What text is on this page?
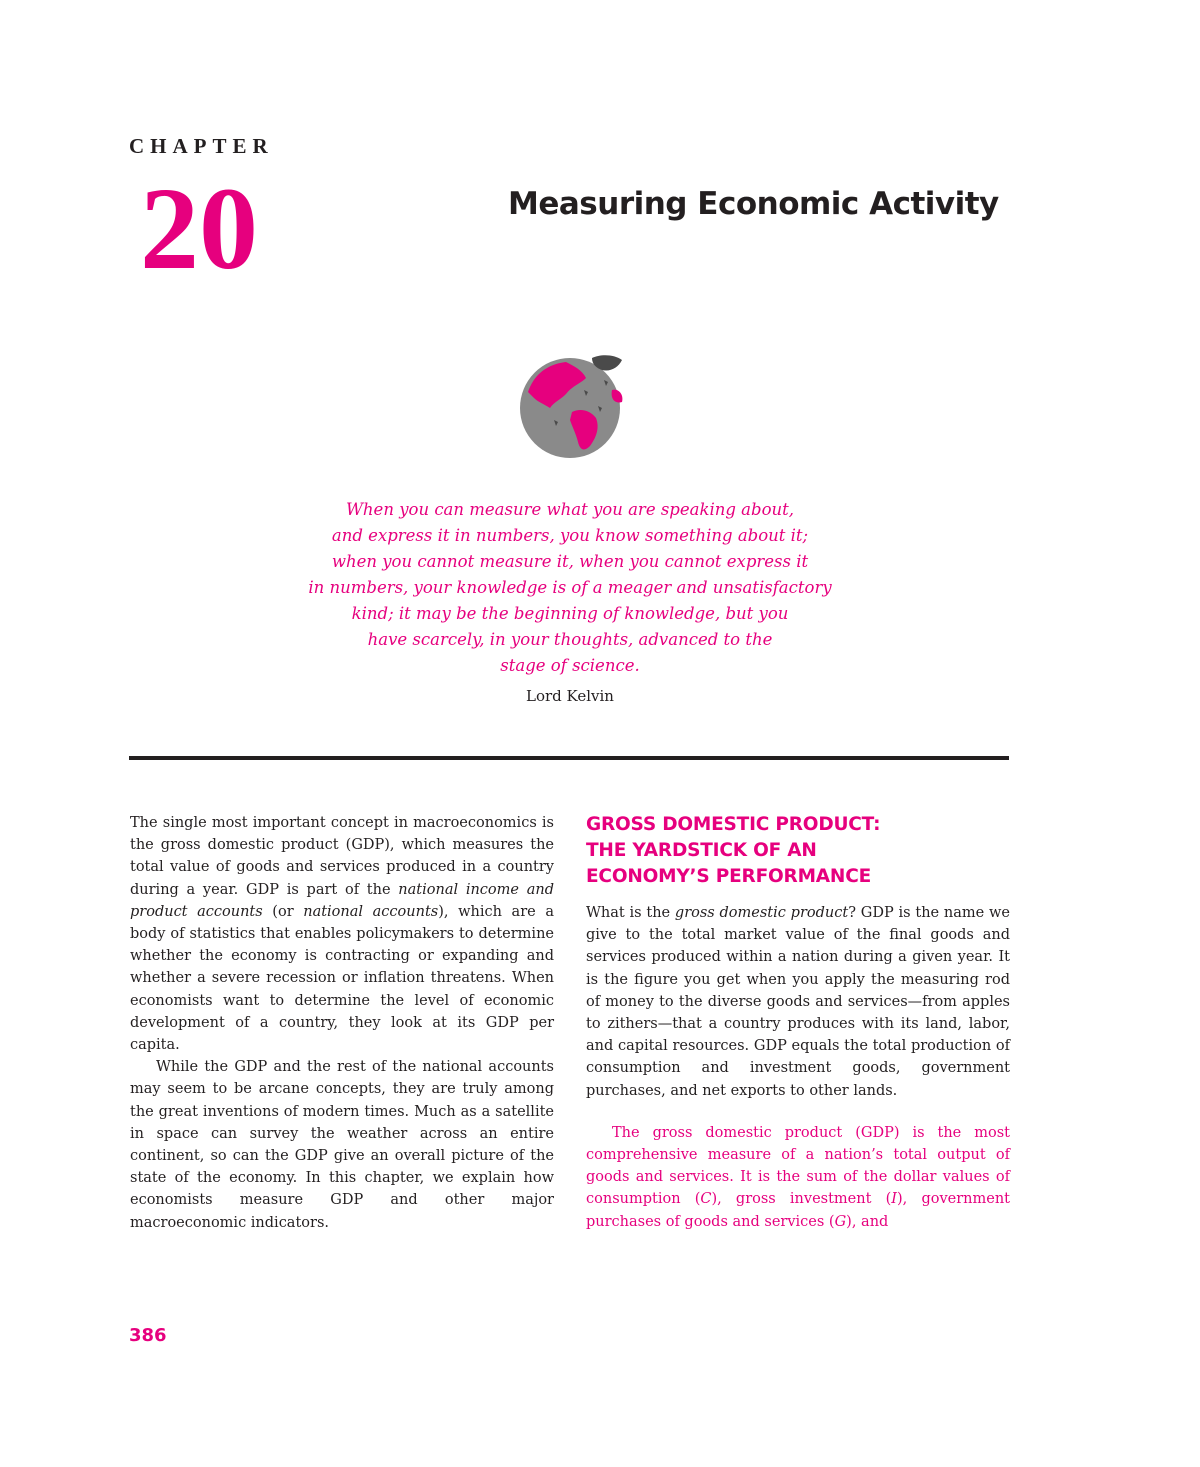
CHAPTER
20	Measuring Economic Activity
When you can measure what you are speaking about,
and express it in numbers, you know something about it;
when you cannot measure it, when you cannot express it
in numbers, your knowledge is of a meager and unsatisfactory
kind; it may be the beginning of knowledge, but you
have scarcely, in your thoughts, advanced to the
stage of science.
Lord Kelvin

The single most important concept in macroeconomics is the gross domestic product (GDP), which measures the total value of goods and services produced in a country during a year. GDP is part of the national income and product accounts (or national accounts), which are a body of statistics that enables policymakers to determine whether the economy is contracting or expanding and whether a severe recession or inflation threatens. When economists want to determine the level of economic development of a country, they look at its GDP per capita.

While the GDP and the rest of the national accounts may seem to be arcane concepts, they are truly among the great inventions of modern times. Much as a satellite in space can survey the weather across an entire continent, so can the GDP give an overall picture of the state of the economy. In this chapter, we explain how economists measure GDP and other major macroeconomic indicators.

GROSS DOMESTIC PRODUCT:
THE YARDSTICK OF AN
ECONOMY’S PERFORMANCE

What is the gross domestic product? GDP is the name we give to the total market value of the final goods and services produced within a nation during a given year. It is the figure you get when you apply the measuring rod of money to the diverse goods and services—from apples to zithers—that a country produces with its land, labor, and capital resources. GDP equals the total production of consumption and investment goods, government purchases, and net exports to other lands.

The gross domestic product (GDP) is the most comprehensive measure of a nation’s total output of goods and services. It is the sum of the dollar values of consumption (C), gross investment (I), government purchases of goods and services (G), and

386
